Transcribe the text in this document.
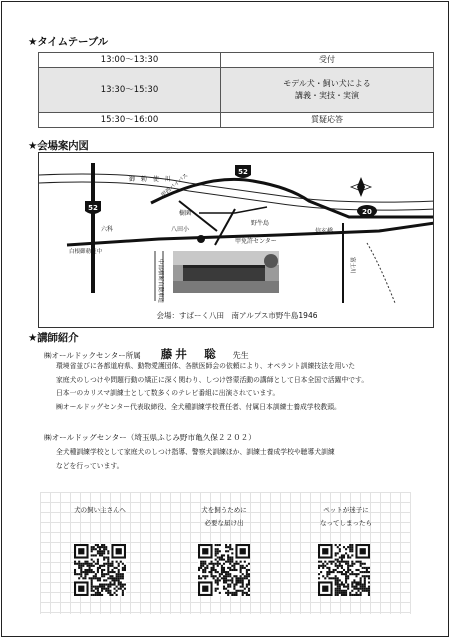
★タイムテーブル
13:00～13:30	受付
13:30～15:30	モデル犬・飼い犬による
講義・実技・実演

15:30～16:00	質疑応答
★会場案内図
52
52	20
御 勅 使 川
六科	八田小
樹園
野牛島
甲免許センター
信玄橋
白根御勅使中
中部横断自動車道	富士川
甲西バイパス
会場：すばーく八田　南アルプス市野牛島1946
★講師紹介
㈱オールドックセンター所属 藤井　聡 先生
環境省並びに各都道府県、動物愛護団体、各獣医師会の依頼により、オペラント訓練技法を用いた
家庭犬のしつけや問題行動の矯正に深く関わり、しつけ啓蒙活動の講師として日本全国で活躍中です。
日本一のカリスマ訓練士として数多くのテレビ番組に出演されています。
㈱オールドッグセンター代表取締役、全犬種訓練学校責任者、付属日本訓練士養成学校教頭。
㈱オールドッグセンター（埼玉県ふじみ野市亀久保２２０２）
全犬種訓練学校として家庭犬のしつけ指導、警察犬訓練ほか、訓練士養成学校や聴導犬訓練
などを行っています。
犬の飼い主さんへ	犬を飼うために
必要な届け出
ペットが迷子に
なってしまったら
